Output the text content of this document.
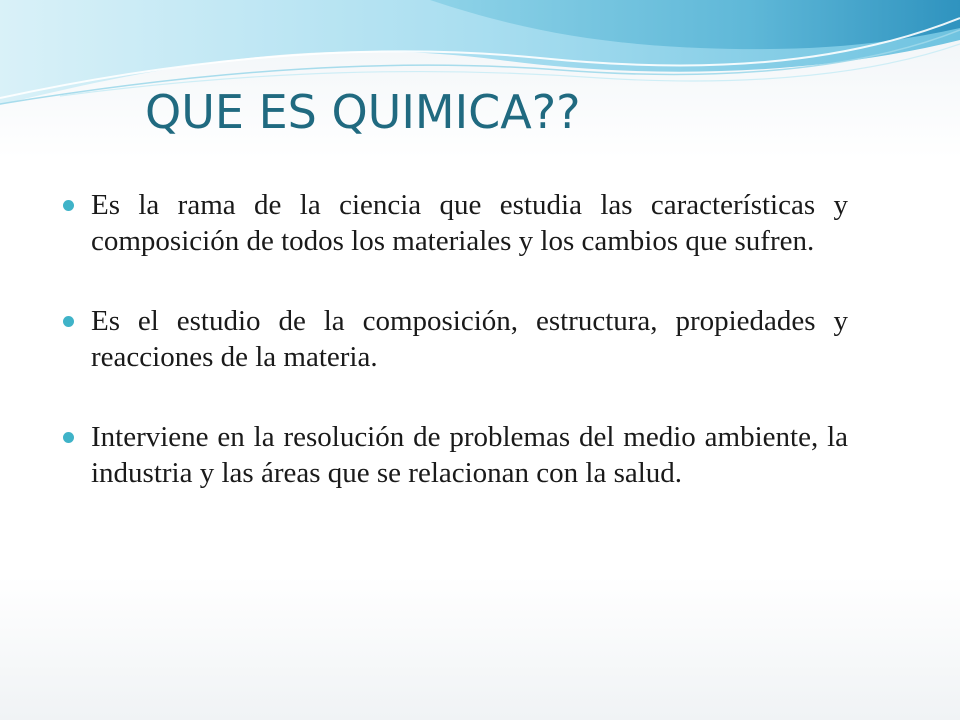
QUE ES QUIMICA??
Es la rama de la ciencia que estudia las características y composición de todos los materiales y los cambios que sufren.
Es el estudio de la composición, estructura, propiedades y reacciones de la materia.
Interviene en la resolución de problemas del medio ambiente, la industria y las áreas que se relacionan con la salud.
